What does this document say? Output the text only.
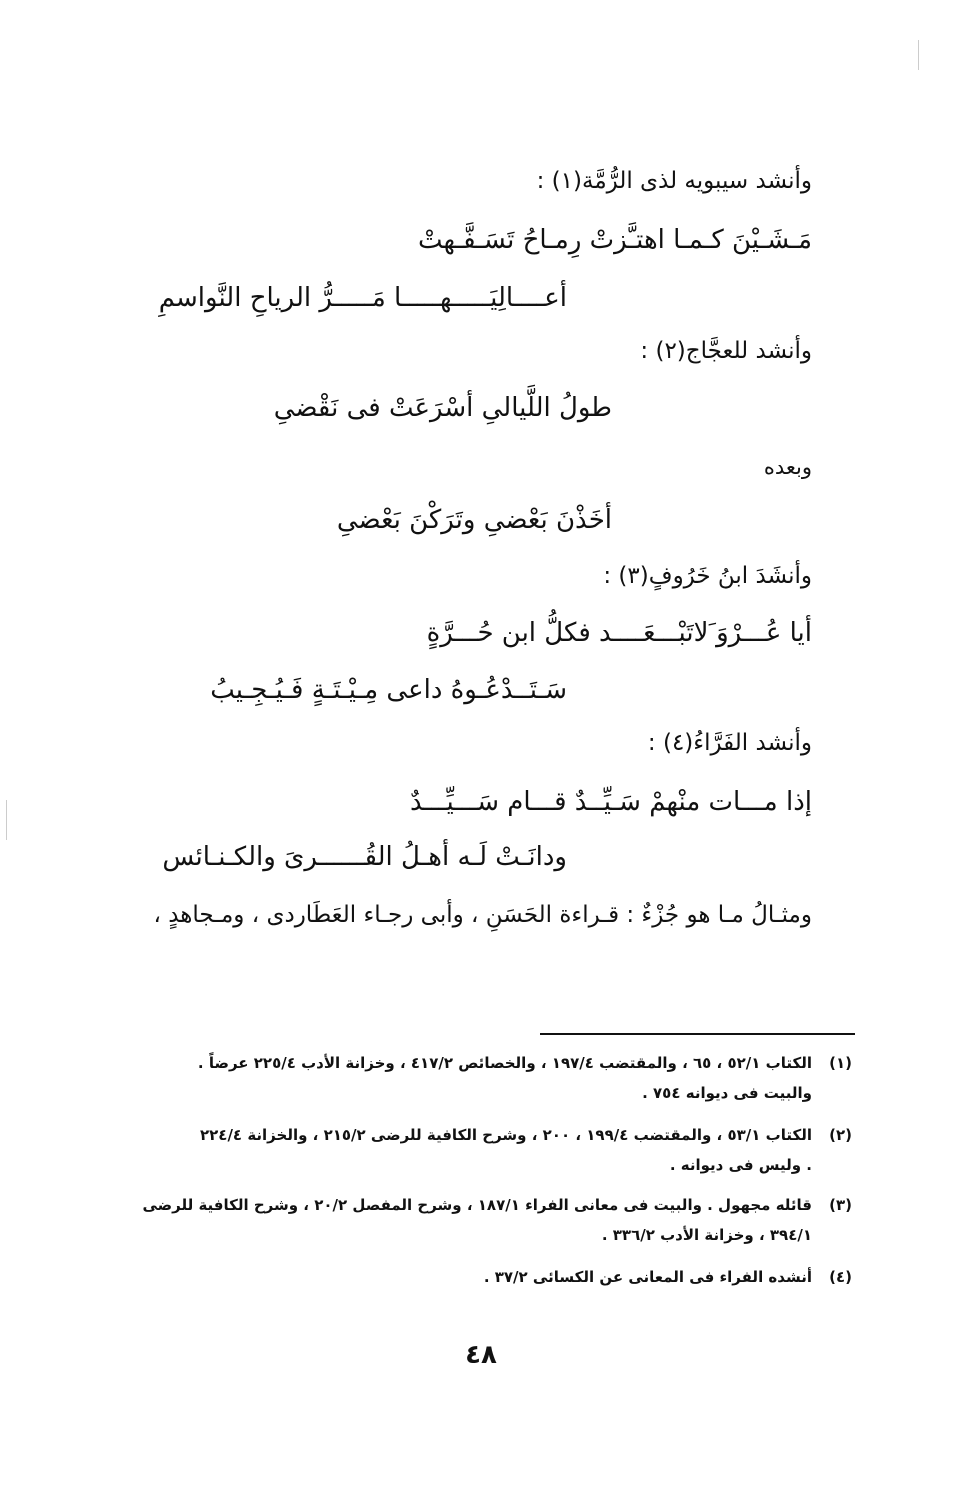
وأنشد سيبويه لذى الرُّمَّة(١) :
مَـشَـيْنَ كـمـا اهتـَّزتْ رِمـاحُ تَسَـفَّـهتْ
أعــــالِيَـــــهـــــا مَـــــرُّ الرياحِ النَّواسمِ
وأنشد للعجَّاج(٢) :
طولُ اللَّيالىِ أسْرَعَتْ فى نَقْضىِ
وبعده
أخَذْنَ بَعْضىِ وتَرَكْنَ بَعْضىِ
وأنشَدَ ابنُ خَرُوفٍ(٣) :
أيا عُـــرْوَ َلاتَبْـــعَــــد فكلُّ ابن حُـــرَّةٍ
سَـتَــدْعُـوهُ داعى مِـيْـتَـةٍ فَـيُـجِـيبُ
وأنشد الفَرَّاءُ(٤) :
إذا مـــات منْهمْ سَـيِّــدٌ قـــام سَـــيِّـــدٌ
ودانَـتْ لَـه أهـلُ القُــــــرىَ والكـنـائس
ومثـالُ مـا هو جُزْءٌ : قـراءة الحَسَنِ ، وأبى رجـاء العَطَاردى ، ومـجاهدٍ ،
(١)الكتاب ٥٢/١ ، ٦٥ ، والمقتضب ١٩٧/٤ ، والخصائص ٤١٧/٢ ، وخزانة الأدب ٢٢٥/٤ عرضاً .
والبيت فى ديوانه ٧٥٤ .
(٢)الكتاب ٥٣/١ ، والمقتضب ١٩٩/٤ ، ٢٠٠ ، وشرح الكافية للرضى ٢١٥/٢ ، والخزانة ٢٢٤/٤
. وليس فى ديوانه .
(٣)قائله مجهول . والبيت فى معانى الفراء ١٨٧/١ ، وشرح المفصل ٢٠/٢ ، وشرح الكافية للرضى
٣٩٤/١ ، وخزانة الأدب ٣٣٦/٢ .
(٤)أنشده الفراء فى المعانى عن الكسائى ٣٧/٢ .
٤٨
